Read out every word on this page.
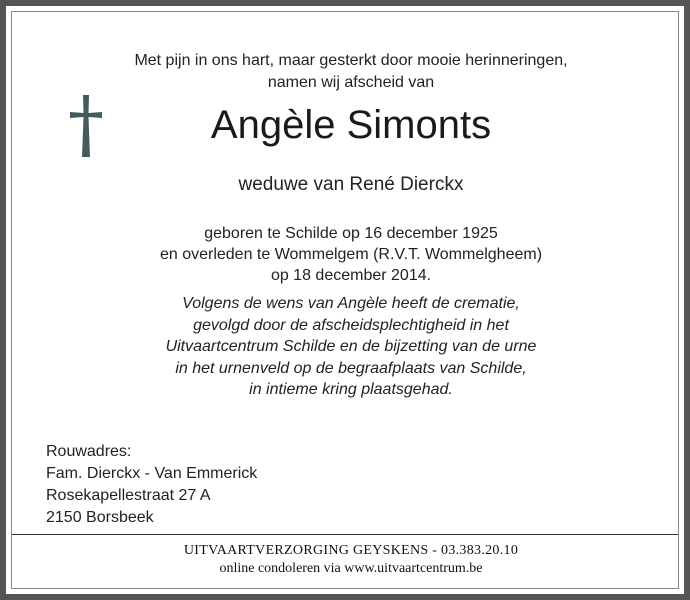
Met pijn in ons hart, maar gesterkt door mooie herinneringen,
namen wij afscheid van
Angèle Simonts
weduwe van René Dierckx
geboren te Schilde op 16 december 1925
en overleden te Wommelgem (R.V.T. Wommelgheem)
op 18 december 2014.
Volgens de wens van Angèle heeft de crematie,
gevolgd door de afscheidsplechtigheid in het
Uitvaartcentrum Schilde en de bijzetting van de urne
in het urnenveld op de begraafplaats van Schilde,
in intieme kring plaatsgehad.
Rouwadres:
Fam. Dierckx - Van Emmerick
Rosekapellestraat 27 A
2150 Borsbeek
UITVAARTVERZORGING GEYSKENS - 03.383.20.10
online condoleren via www.uitvaartcentrum.be
